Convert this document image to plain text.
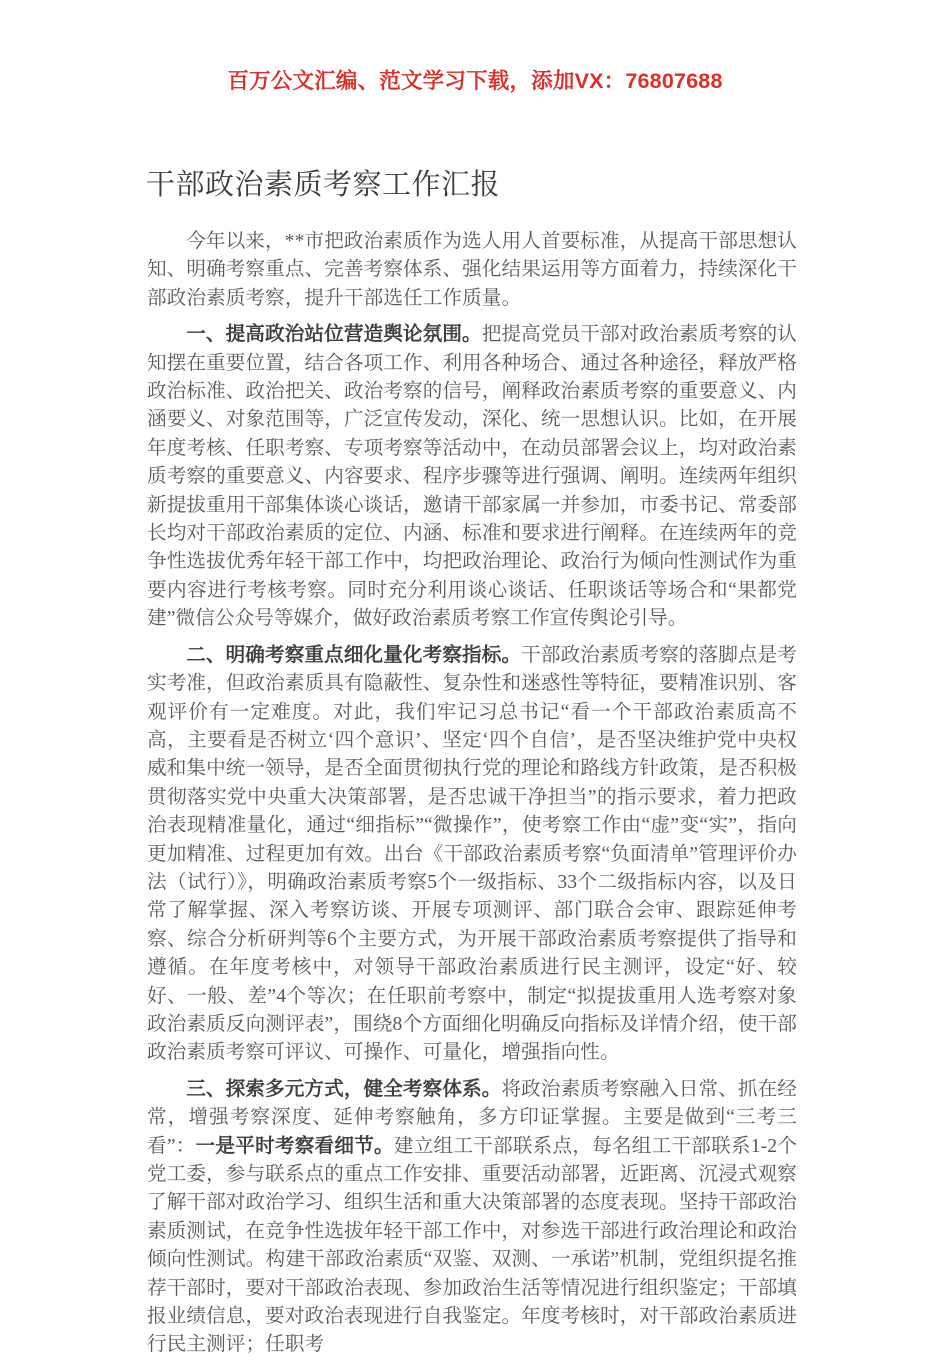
百万公文汇编、范文学习下载，添加VX：76807688
干部政治素质考察工作汇报

今年以来，**市把政治素质作为选人用人首要标准，从提高干部思想认知、明确考察重点、完善考察体系、强化结果运用等方面着力，持续深化干部政治素质考察，提升干部选任工作质量。

一、提高政治站位营造舆论氛围。把提高党员干部对政治素质考察的认知摆在重要位置，结合各项工作、利用各种场合、通过各种途径，释放严格政治标准、政治把关、政治考察的信号，阐释政治素质考察的重要意义、内涵要义、对象范围等，广泛宣传发动，深化、统一思想认识。比如，在开展年度考核、任职考察、专项考察等活动中，在动员部署会议上，均对政治素质考察的重要意义、内容要求、程序步骤等进行强调、阐明。连续两年组织新提拔重用干部集体谈心谈话，邀请干部家属一并参加，市委书记、常委部长均对干部政治素质的定位、内涵、标准和要求进行阐释。在连续两年的竞争性选拔优秀年轻干部工作中，均把政治理论、政治行为倾向性测试作为重要内容进行考核考察。同时充分利用谈心谈话、任职谈话等场合和“果都党建”微信公众号等媒介，做好政治素质考察工作宣传舆论引导。

二、明确考察重点细化量化考察指标。干部政治素质考察的落脚点是考实考准，但政治素质具有隐蔽性、复杂性和迷惑性等特征，要精准识别、客观评价有一定难度。对此，我们牢记习总书记“看一个干部政治素质高不高，主要看是否树立‘四个意识’、坚定‘四个自信’，是否坚决维护党中央权威和集中统一领导，是否全面贯彻执行党的理论和路线方针政策，是否积极贯彻落实党中央重大决策部署，是否忠诚干净担当”的指示要求，着力把政治表现精准量化，通过“细指标”“微操作”，使考察工作由“虚”变“实”，指向更加精准、过程更加有效。出台《干部政治素质考察“负面清单”管理评价办法（试行）》，明确政治素质考察5个一级指标、33个二级指标内容，以及日常了解掌握、深入考察访谈、开展专项测评、部门联合会审、跟踪延伸考察、综合分析研判等6个主要方式，为开展干部政治素质考察提供了指导和遵循。在年度考核中，对领导干部政治素质进行民主测评，设定“好、较好、一般、差”4个等次；在任职前考察中，制定“拟提拔重用人选考察对象政治素质反向测评表”，围绕8个方面细化明确反向指标及详情介绍，使干部政治素质考察可评议、可操作、可量化，增强指向性。

三、探索多元方式，健全考察体系。将政治素质考察融入日常、抓在经常，增强考察深度、延伸考察触角，多方印证掌握。主要是做到“三考三看”：一是平时考察看细节。建立组工干部联系点，每名组工干部联系1-2个党工委，参与联系点的重点工作安排、重要活动部署，近距离、沉浸式观察了解干部对政治学习、组织生活和重大决策部署的态度表现。坚持干部政治素质测试，在竞争性选拔年轻干部工作中，对参选干部进行政治理论和政治倾向性测试。构建干部政治素质“双鉴、双测、一承诺”机制，党组织提名推荐干部时，要对干部政治表现、参加政治生活等情况进行组织鉴定；干部填报业绩信息，要对政治表现进行自我鉴定。年度考核时，对干部政治素质进行民主测评；任职考
